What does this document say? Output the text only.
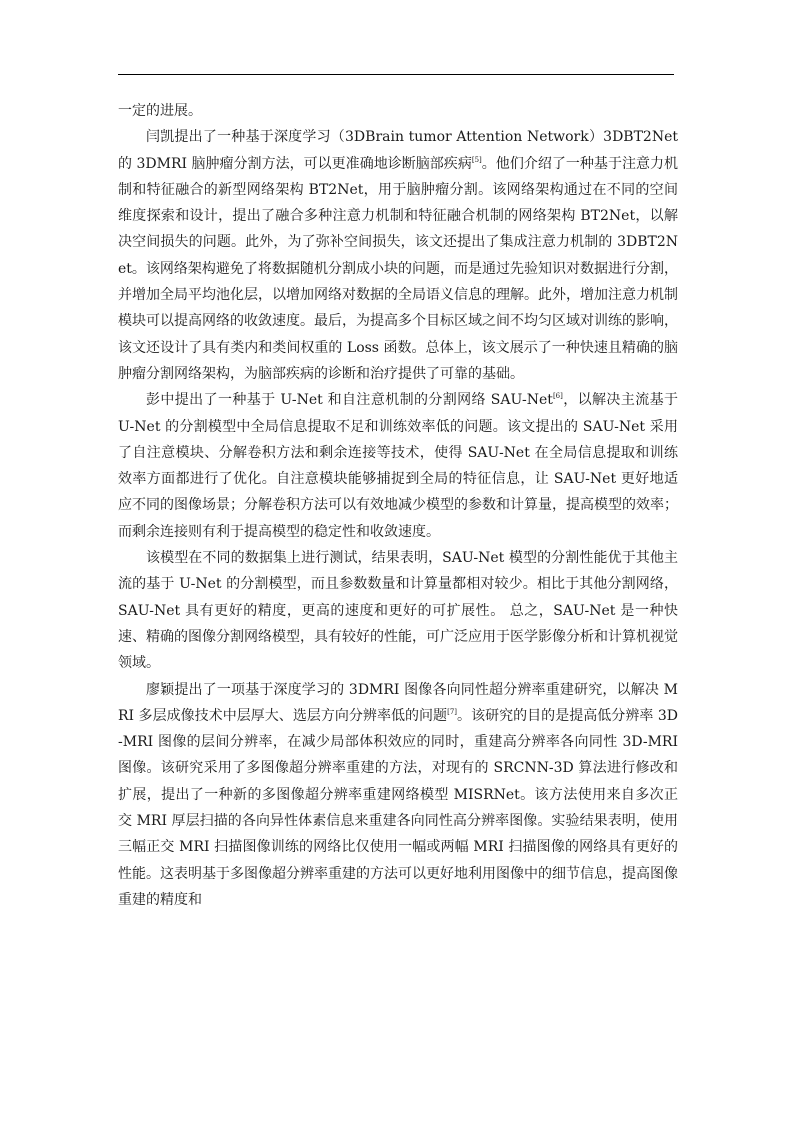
一定的进展。

闫凯提出了一种基于深度学习（3DBrain tumor Attention Network）3DBT2Net 的 3DMRI 脑肿瘤分割方法，可以更准确地诊断脑部疾病[5]。他们介绍了一种基于注意力机制和特征融合的新型网络架构 BT2Net，用于脑肿瘤分割。该网络架构通过在不同的空间维度探索和设计，提出了融合多种注意力机制和特征融合机制的网络架构 BT2Net，以解决空间损失的问题。此外，为了弥补空间损失，该文还提出了集成注意力机制的 3DBT2Net。该网络架构避免了将数据随机分割成小块的问题，而是通过先验知识对数据进行分割，并增加全局平均池化层，以增加网络对数据的全局语义信息的理解。此外，增加注意力机制模块可以提高网络的收敛速度。最后，为提高多个目标区域之间不均匀区域对训练的影响，该文还设计了具有类内和类间权重的 Loss 函数。总体上，该文展示了一种快速且精确的脑肿瘤分割网络架构，为脑部疾病的诊断和治疗提供了可靠的基础。

彭中提出了一种基于 U-Net 和自注意机制的分割网络 SAU-Net[6]，以解决主流基于 U-Net 的分割模型中全局信息提取不足和训练效率低的问题。该文提出的 SAU-Net 采用了自注意模块、分解卷积方法和剩余连接等技术，使得 SAU-Net 在全局信息提取和训练效率方面都进行了优化。自注意模块能够捕捉到全局的特征信息，让 SAU-Net 更好地适应不同的图像场景；分解卷积方法可以有效地减少模型的参数和计算量，提高模型的效率；而剩余连接则有利于提高模型的稳定性和收敛速度。

该模型在不同的数据集上进行测试，结果表明，SAU-Net 模型的分割性能优于其他主流的基于 U-Net 的分割模型，而且参数数量和计算量都相对较少。相比于其他分割网络，SAU-Net 具有更好的精度，更高的速度和更好的可扩展性。 总之，SAU-Net 是一种快速、精确的图像分割网络模型，具有较好的性能，可广泛应用于医学影像分析和计算机视觉领域。

廖颖提出了一项基于深度学习的 3DMRI 图像各向同性超分辨率重建研究，以解决 MRI 多层成像技术中层厚大、选层方向分辨率低的问题[7]。该研究的目的是提高低分辨率 3D-MRI 图像的层间分辨率，在减少局部体积效应的同时，重建高分辨率各向同性 3D-MRI 图像。该研究采用了多图像超分辨率重建的方法，对现有的 SRCNN-3D 算法进行修改和扩展，提出了一种新的多图像超分辨率重建网络模型 MISRNet。该方法使用来自多次正交 MRI 厚层扫描的各向异性体素信息来重建各向同性高分辨率图像。实验结果表明，使用三幅正交 MRI 扫描图像训练的网络比仅使用一幅或两幅 MRI 扫描图像的网络具有更好的性能。这表明基于多图像超分辨率重建的方法可以更好地利用图像中的细节信息，提高图像重建的精度和
